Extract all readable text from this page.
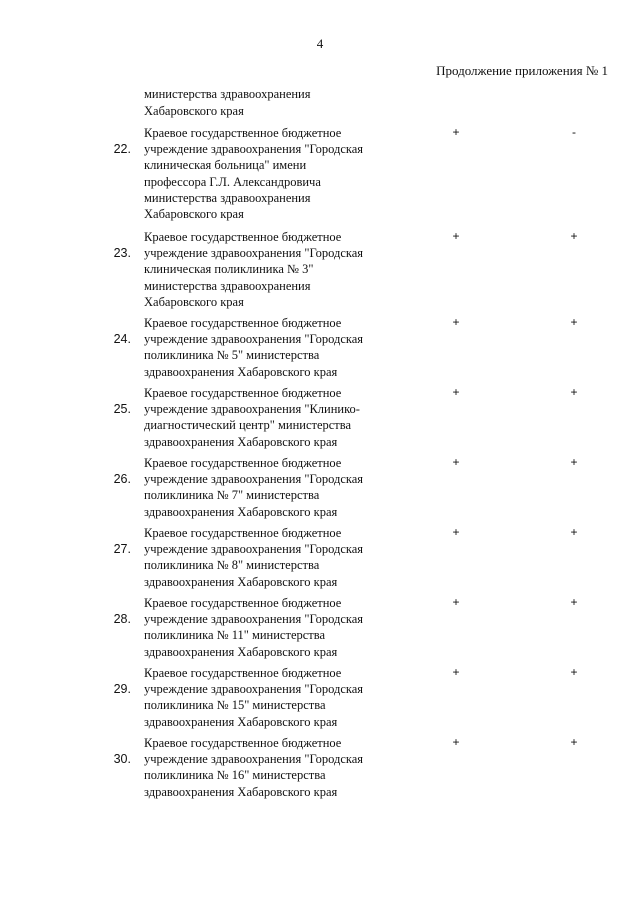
4
Продолжение приложения № 1
министерства здравоохранения
Хабаровского края
22.
Краевое государственное бюджетное
учреждение здравоохранения "Городская
клиническая больница" имени
профессора Г.Л. Александровича
министерства здравоохранения
Хабаровского края
+	-
23.
Краевое государственное бюджетное
учреждение здравоохранения "Городская
клиническая поликлиника № 3"
министерства здравоохранения
Хабаровского края
+	+
24.
Краевое государственное бюджетное
учреждение здравоохранения "Городская
поликлиника № 5" министерства
здравоохранения Хабаровского края
+	+
25.
Краевое государственное бюджетное
учреждение здравоохранения "Клинико-
диагностический центр" министерства
здравоохранения Хабаровского края
+	+
26.
Краевое государственное бюджетное
учреждение здравоохранения "Городская
поликлиника № 7" министерства
здравоохранения Хабаровского края
+	+
27.
Краевое государственное бюджетное
учреждение здравоохранения "Городская
поликлиника № 8" министерства
здравоохранения Хабаровского края
+	+
28.
Краевое государственное бюджетное
учреждение здравоохранения "Городская
поликлиника № 11" министерства
здравоохранения Хабаровского края
+	+
29.
Краевое государственное бюджетное
учреждение здравоохранения "Городская
поликлиника № 15" министерства
здравоохранения Хабаровского края
+	+
30.
Краевое государственное бюджетное
учреждение здравоохранения "Городская
поликлиника № 16" министерства
здравоохранения Хабаровского края
+	+
